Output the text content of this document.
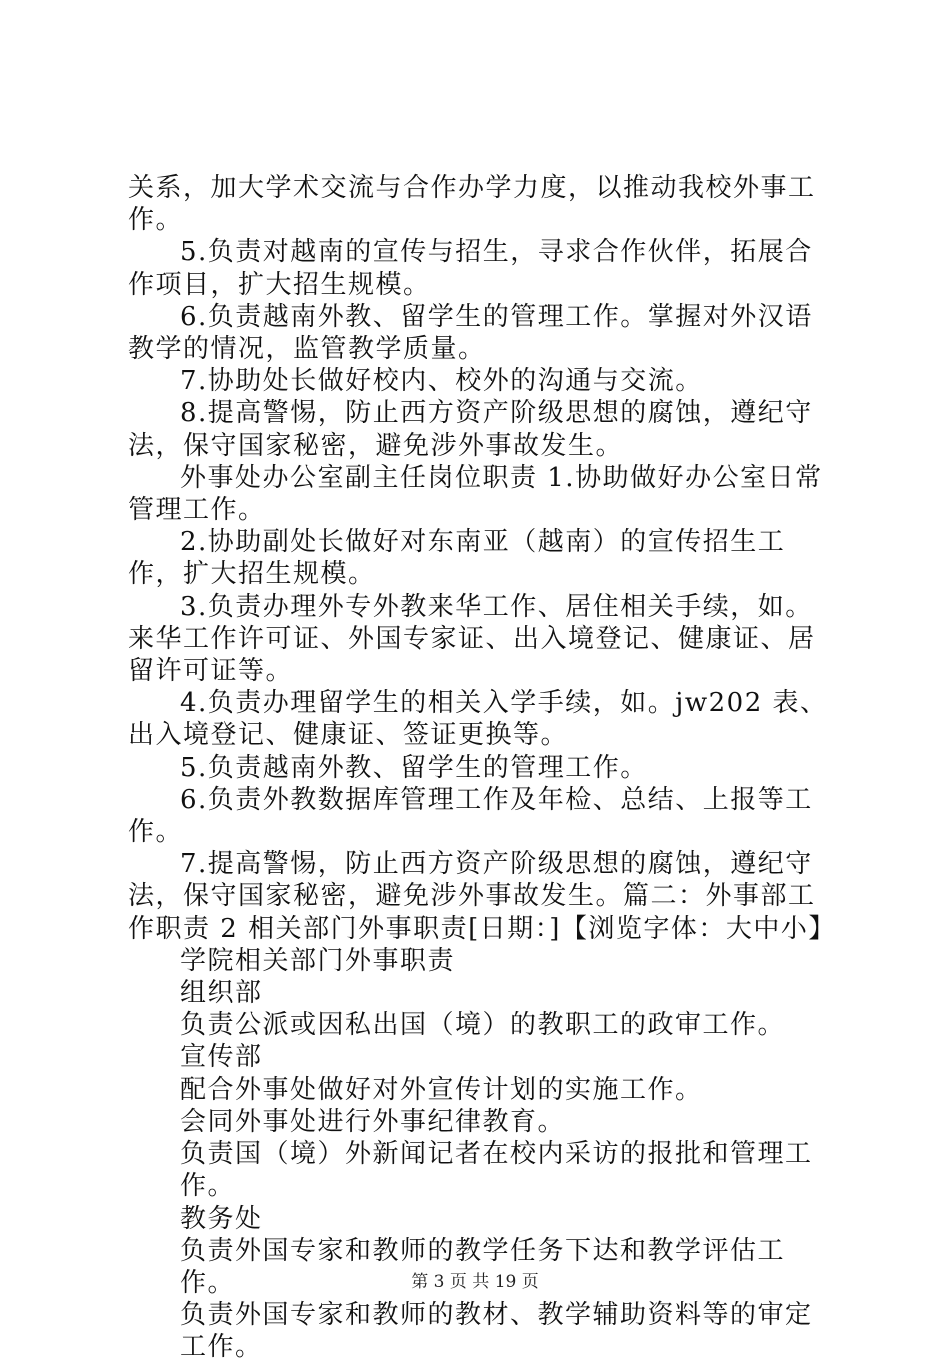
关系，加大学术交流与合作办学力度，以推动我校外事工作。

5.负责对越南的宣传与招生，寻求合作伙伴，拓展合作项目，扩大招生规模。

6.负责越南外教、留学生的管理工作。掌握对外汉语教学的情况，监管教学质量。

7.协助处长做好校内、校外的沟通与交流。

8.提高警惕，防止西方资产阶级思想的腐蚀，遵纪守法，保守国家秘密，避免涉外事故发生。

外事处办公室副主任岗位职责 1.协助做好办公室日常管理工作。

2.协助副处长做好对东南亚（越南）的宣传招生工作，扩大招生规模。

3.负责办理外专外教来华工作、居住相关手续，如。来华工作许可证、外国专家证、出入境登记、健康证、居留许可证等。

4.负责办理留学生的相关入学手续，如。jw202 表、出入境登记、健康证、签证更换等。

5.负责越南外教、留学生的管理工作。

6.负责外教数据库管理工作及年检、总结、上报等工作。

7.提高警惕，防止西方资产阶级思想的腐蚀，遵纪守法，保守国家秘密，避免涉外事故发生。篇二：外事部工作职责 2 相关部门外事职责[日期：]【浏览字体：大中小】

学院相关部门外事职责

组织部

负责公派或因私出国（境）的教职工的政审工作。

宣传部

配合外事处做好对外宣传计划的实施工作。

会同外事处进行外事纪律教育。

负责国（境）外新闻记者在校内采访的报批和管理工作。

教务处

负责外国专家和教师的教学任务下达和教学评估工作。

负责外国专家和教师的教材、教学辅助资料等的审定工作。

第 3 页 共 19 页
